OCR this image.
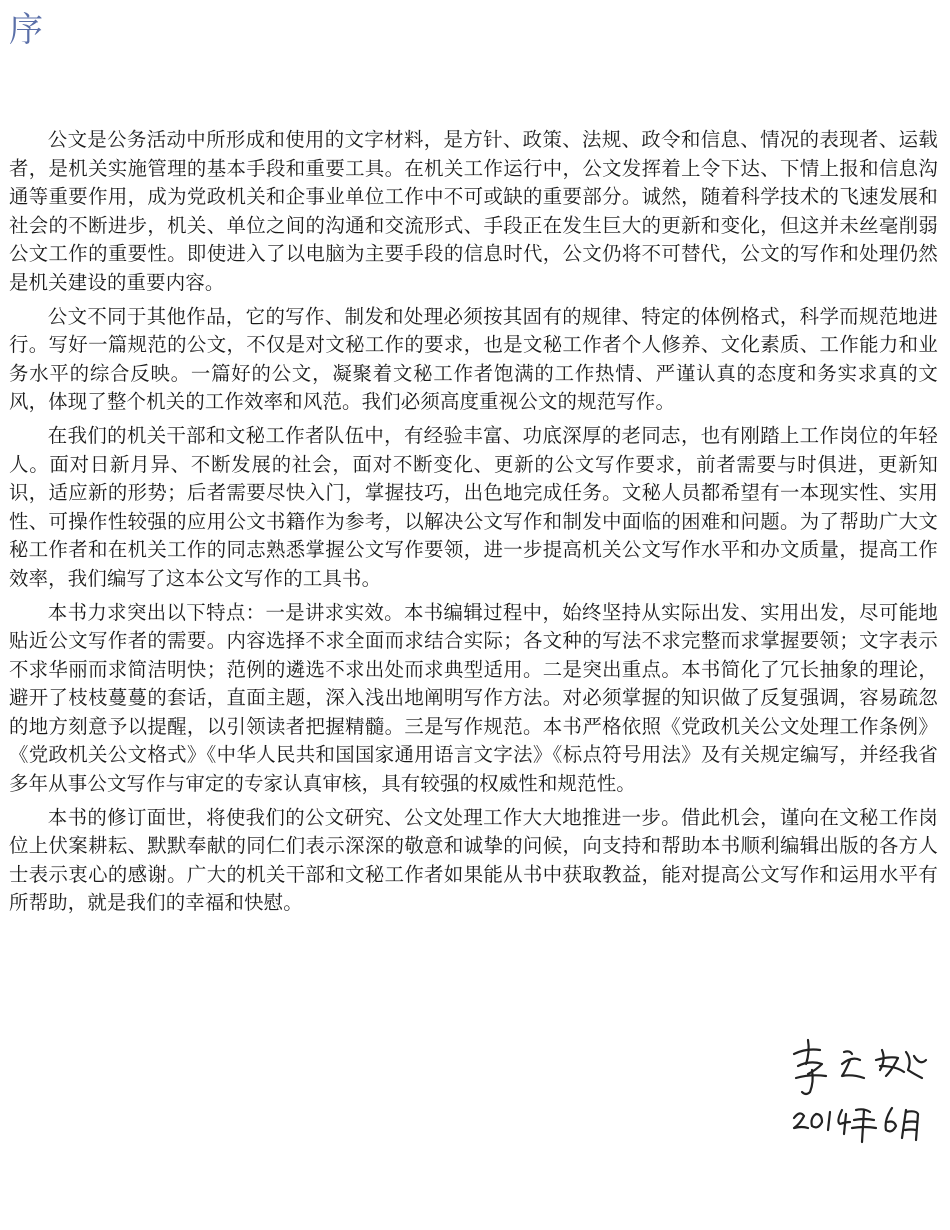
序

公文是公务活动中所形成和使用的文字材料，是方针、政策、法规、政令和信息、情况的表现者、运载者，是机关实施管理的基本手段和重要工具。在机关工作运行中，公文发挥着上令下达、下情上报和信息沟通等重要作用，成为党政机关和企事业单位工作中不可或缺的重要部分。诚然，随着科学技术的飞速发展和社会的不断进步，机关、单位之间的沟通和交流形式、手段正在发生巨大的更新和变化，但这并未丝毫削弱公文工作的重要性。即使进入了以电脑为主要手段的信息时代，公文仍将不可替代，公文的写作和处理仍然是机关建设的重要内容。

公文不同于其他作品，它的写作、制发和处理必须按其固有的规律、特定的体例格式，科学而规范地进行。写好一篇规范的公文，不仅是对文秘工作的要求，也是文秘工作者个人修养、文化素质、工作能力和业务水平的综合反映。一篇好的公文，凝聚着文秘工作者饱满的工作热情、严谨认真的态度和务实求真的文风，体现了整个机关的工作效率和风范。我们必须高度重视公文的规范写作。

在我们的机关干部和文秘工作者队伍中，有经验丰富、功底深厚的老同志，也有刚踏上工作岗位的年轻人。面对日新月异、不断发展的社会，面对不断变化、更新的公文写作要求，前者需要与时俱进，更新知识，适应新的形势；后者需要尽快入门，掌握技巧，出色地完成任务。文秘人员都希望有一本现实性、实用性、可操作性较强的应用公文书籍作为参考，以解决公文写作和制发中面临的困难和问题。为了帮助广大文秘工作者和在机关工作的同志熟悉掌握公文写作要领，进一步提高机关公文写作水平和办文质量，提高工作效率，我们编写了这本公文写作的工具书。

本书力求突出以下特点：一是讲求实效。本书编辑过程中，始终坚持从实际出发、实用出发，尽可能地贴近公文写作者的需要。内容选择不求全面而求结合实际；各文种的写法不求完整而求掌握要领；文字表示不求华丽而求简洁明快；范例的遴选不求出处而求典型适用。二是突出重点。本书简化了冗长抽象的理论，避开了枝枝蔓蔓的套话，直面主题，深入浅出地阐明写作方法。对必须掌握的知识做了反复强调，容易疏忽的地方刻意予以提醒，以引领读者把握精髓。三是写作规范。本书严格依照《党政机关公文处理工作条例》《党政机关公文格式》《中华人民共和国国家通用语言文字法》《标点符号用法》及有关规定编写，并经我省多年从事公文写作与审定的专家认真审核，具有较强的权威性和规范性。

本书的修订面世，将使我们的公文研究、公文处理工作大大地推进一步。借此机会，谨向在文秘工作岗位上伏案耕耘、默默奉献的同仁们表示深深的敬意和诚挚的问候，向支持和帮助本书顺利编辑出版的各方人士表示衷心的感谢。广大的机关干部和文秘工作者如果能从书中获取教益，能对提高公文写作和运用水平有所帮助，就是我们的幸福和快慰。
